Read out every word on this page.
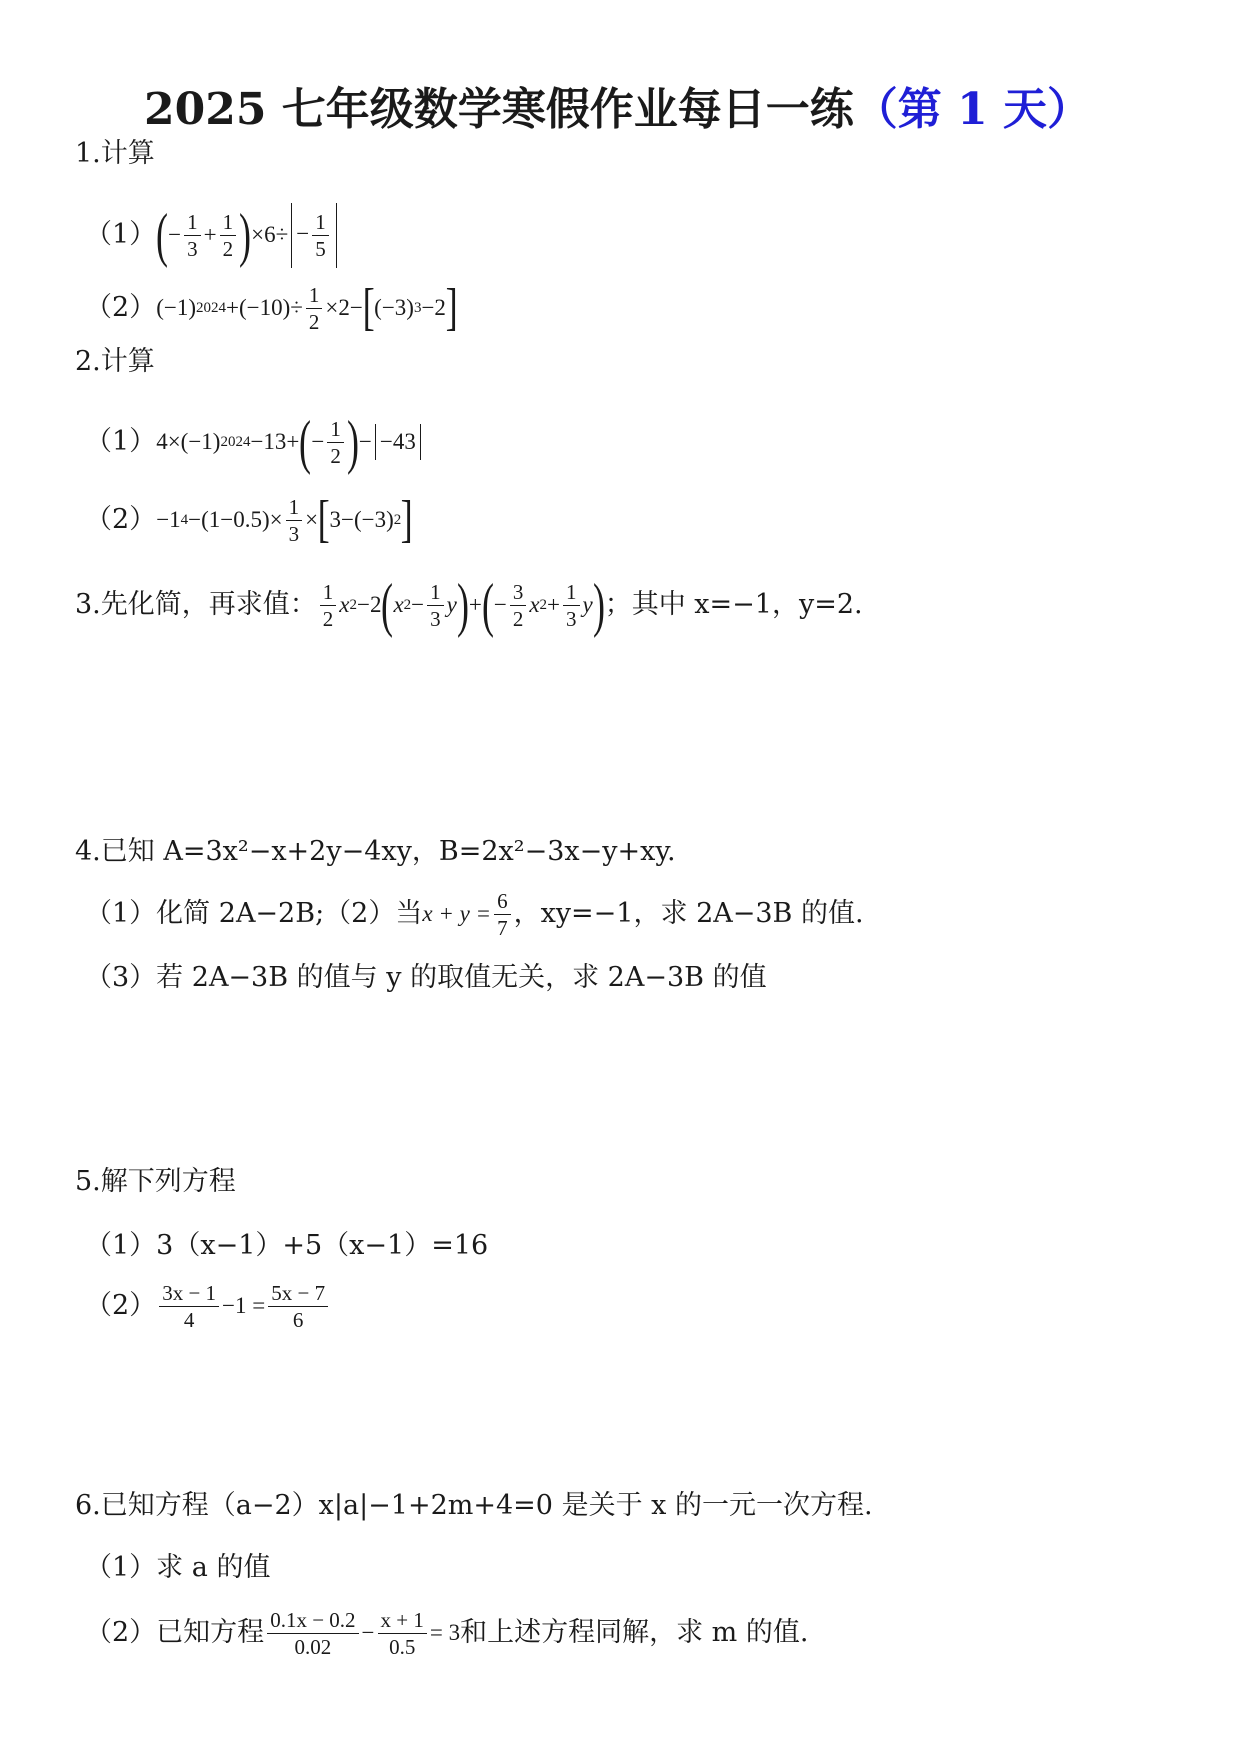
2025 七年级数学寒假作业每日一练（第 1 天）
1.计算
（1） ( − $\frac{1}{3} + \frac{1}{2}$ ) $\times 6\div - \frac{1}{5}$
（2） (−1) $2024 +(-10)\div \frac{1}{2} \times 2-$ [ (−3) 3 −2 ]
2.计算
（1） 4×(−1) 2024 −13+ ( − $\frac{1}{2}$ ) − −43
（2） −1 $4 -(1-0.5)\times \frac{1}{3}$ × [ 3−(−3) 2 ]
3.先化简，再求值： $\frac{1}{2}$ x 2 −2 ( x $2 - \frac{1}{3}$ y ) + ( − $\frac{3}{2}$ x $2 + \frac{1}{3}$ y ) ；其中 x=−1，y=2.
4.已知 A=3x²−x+2y−4xy，B=2x²−3x−y+xy.
（1）化简 2A−2B;（2）当 $x + y = \frac{6}{7}$ ，xy=−1，求 2A−3B 的值.
（3）若 2A−3B 的值与 y 的取值无关，求 2A−3B 的值
5.解下列方程
（1）3（x−1）+5（x−1）=16
$(2) \frac{3x - 1}{4} -1 = \frac{5x - 7}{6}$
6.已知方程（a−2）x|a|−1+2m+4=0 是关于 x 的一元一次方程.
（1）求 a 的值
（2）已知方程 $\frac{0.1x - 0.2}{0.02} - \frac{x + 1}{0.5} = 3$ 和上述方程同解，求 m 的值.
